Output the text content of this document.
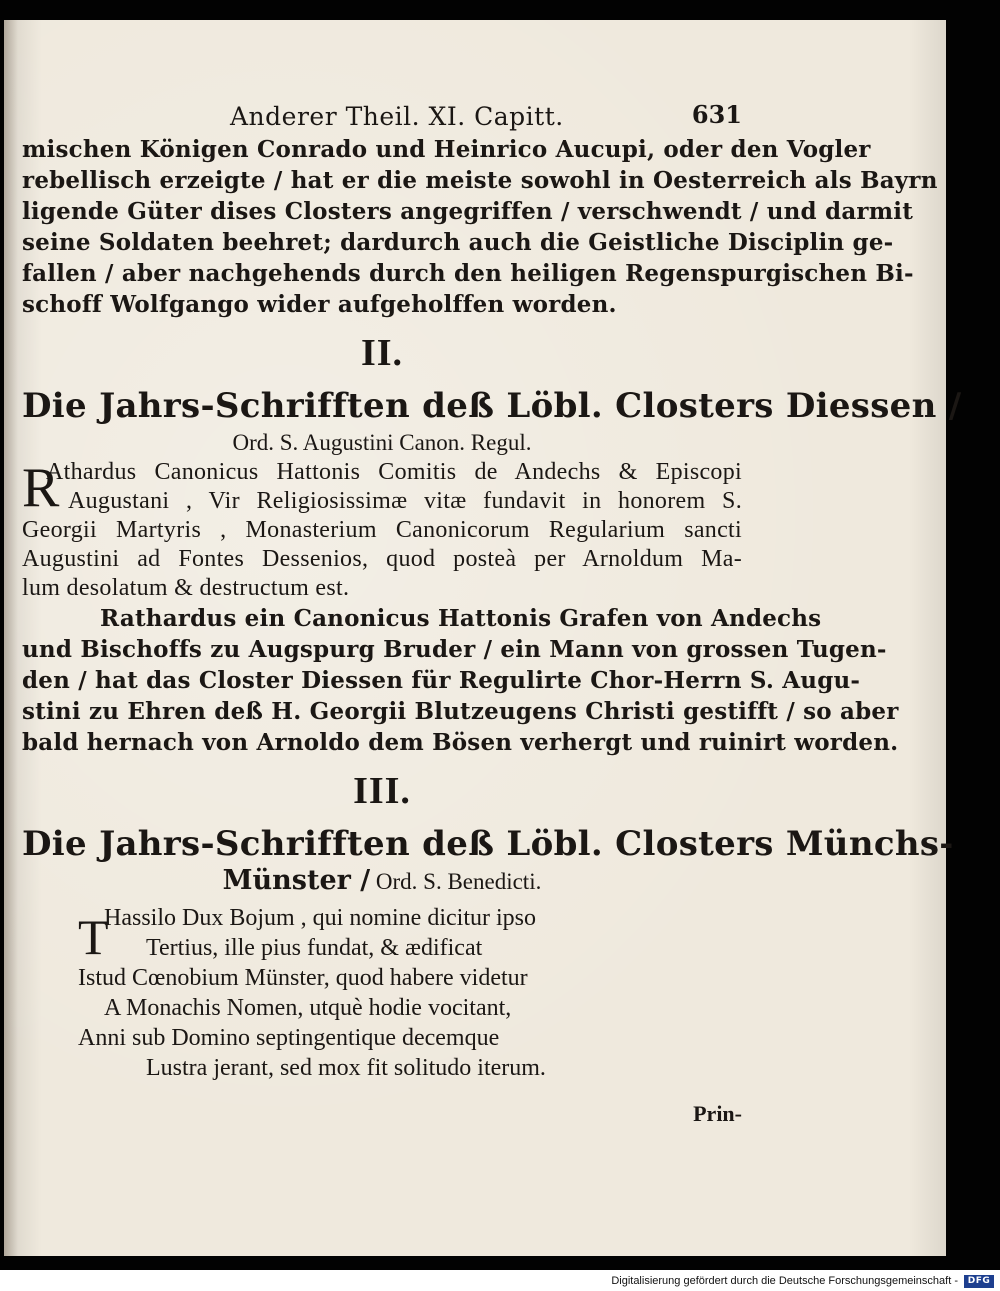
Anderer Theil. XI. Capitt.	631
mischen Königen Conrado und Heinrico Aucupi, oder den Vogler
rebellisch erzeigte / hat er die meiste sowohl in Oesterreich als Bayrn
ligende Güter dises Closters angegriffen / verschwendt / und darmit
seine Soldaten beehret; dardurch auch die Geistliche Disciplin ge-
fallen / aber nachgehends durch den heiligen Regenspurgischen Bi-
schoff Wolfgango wider aufgeholffen worden.
II.
Die Jahrs-Schrifften deß Löbl. Closters Diessen /
Ord. S. Augustini Canon. Regul.
R
Athardus Canonicus Hattonis Comitis de Andechs & Episcopi
Augustani , Vir Religiosissimæ vitæ fundavit in honorem S.
Georgii Martyris , Monasterium Canonicorum Regularium sancti
Augustini ad Fontes Dessenios, quod posteà per Arnoldum Ma-
lum desolatum & destructum est.
Rathardus ein Canonicus Hattonis Grafen von Andechs
und Bischoffs zu Augspurg Bruder / ein Mann von grossen Tugen-
den / hat das Closter Diessen für Regulirte Chor-Herrn S. Augu-
stini zu Ehren deß H. Georgii Blutzeugens Christi gestifft / so aber
bald hernach von Arnoldo dem Bösen verhergt und ruinirt worden.
III.
Die Jahrs-Schrifften deß Löbl. Closters Münchs-
Münster / Ord. S. Benedicti.
T
Hassilo Dux Bojum , qui nomine dicitur ipso
Tertius, ille pius fundat, & ædificat
Istud Cœnobium Münster, quod habere videtur
A Monachis Nomen, utquè hodie vocitant,
Anni sub Domino septingentique decemque
Lustra jerant, sed mox fit solitudo iterum.
Prin-
Digitalisierung gefördert durch die Deutsche Forschungsgemeinschaft -	DFG
